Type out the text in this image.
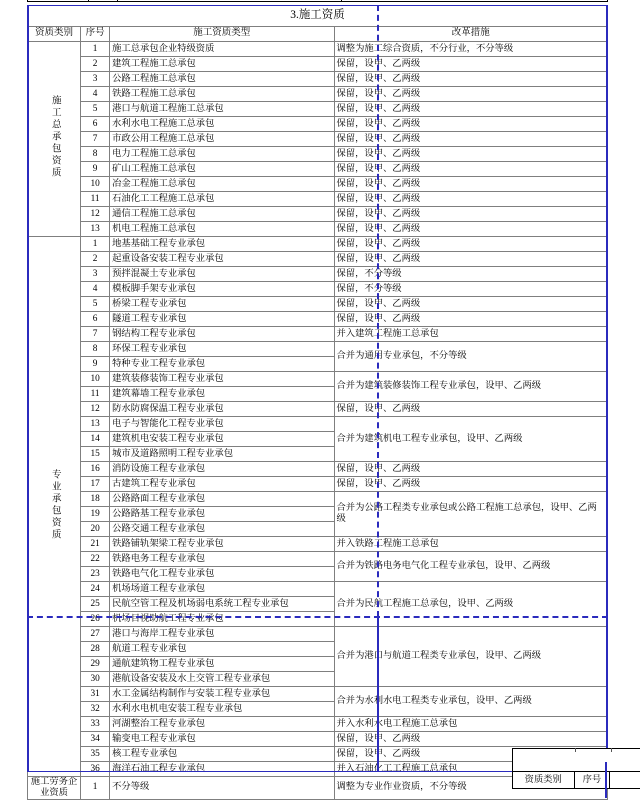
3.施工资质			
资质类别	序号	施工资质类型	改革措施
施工总承包资质	1	施工总承包企业特级资质	调整为施工综合资质，不分行业，不分等级
	2	建筑工程施工总承包	保留，设甲、乙两级
	3	公路工程施工总承包	保留，设甲、乙两级
	4	铁路工程施工总承包	保留，设甲、乙两级
	5	港口与航道工程施工总承包	保留，设甲、乙两级
	6	水利水电工程施工总承包	保留，设甲、乙两级
	7	市政公用工程施工总承包	保留，设甲、乙两级
	8	电力工程施工总承包	保留，设甲、乙两级
	9	矿山工程施工总承包	保留，设甲、乙两级
	10	冶金工程施工总承包	保留，设甲、乙两级
	11	石油化工工程施工总承包	保留，设甲、乙两级
	12	通信工程施工总承包	保留，设甲、乙两级
	13	机电工程施工总承包	保留，设甲、乙两级
专业承包资质	1	地基基础工程专业承包	保留，设甲、乙两级
	2	起重设备安装工程专业承包	保留，设甲、乙两级
	3	预拌混凝土专业承包	保留，不分等级
	4	模板脚手架专业承包	保留，不分等级
	5	桥梁工程专业承包	保留，设甲、乙两级
	6	隧道工程专业承包	保留，设甲、乙两级
	7	钢结构工程专业承包	并入建筑工程施工总承包
	8	环保工程专业承包	合并为通用专业承包，不分等级
	9	特种专业工程专业承包	
	10	建筑装修装饰工程专业承包	合并为建筑装修装饰工程专业承包，设甲、乙两级
	11	建筑幕墙工程专业承包	
	12	防水防腐保温工程专业承包	保留，设甲、乙两级
	13	电子与智能化工程专业承包	合并为建筑机电工程专业承包，设甲、乙两级
	14	建筑机电安装工程专业承包	
	15	城市及道路照明工程专业承包	
	16	消防设施工程专业承包	保留，设甲、乙两级
	17	古建筑工程专业承包	保留，设甲、乙两级
	18	公路路面工程专业承包	合并为公路工程类专业承包或公路工程施工总承包，设甲、乙两级
	19	公路路基工程专业承包	
	20	公路交通工程专业承包	
	21	铁路铺轨架梁工程专业承包	并入铁路工程施工总承包
	22	铁路电务工程专业承包	合并为铁路电务电气化工程专业承包，设甲、乙两级
	23	铁路电气化工程专业承包	
	24	机场场道工程专业承包	合并为民航工程施工总承包，设甲、乙两级
	25	民航空管工程及机场弱电系统工程专业承包	
	26	机场目视助航工程专业承包	
	27	港口与海岸工程专业承包	合并为港口与航道工程类专业承包，设甲、乙两级
	28	航道工程专业承包	
	29	通航建筑物工程专业承包	
	30	港航设备安装及水上交管工程专业承包	
	31	水工金属结构制作与安装工程专业承包	合并为水利水电工程类专业承包，设甲、乙两级
	32	水利水电机电安装工程专业承包	
	33	河湖整治工程专业承包	并入水利水电工程施工总承包
	34	输变电工程专业承包	保留，设甲、乙两级
	35	核工程专业承包	保留，设甲、乙两级
	36	海洋石油工程专业承包	并入石油化工工程施工总承包
施工劳务企业资质	1	不分等级	调整为专业作业资质，不分等级
资质类别	序号
